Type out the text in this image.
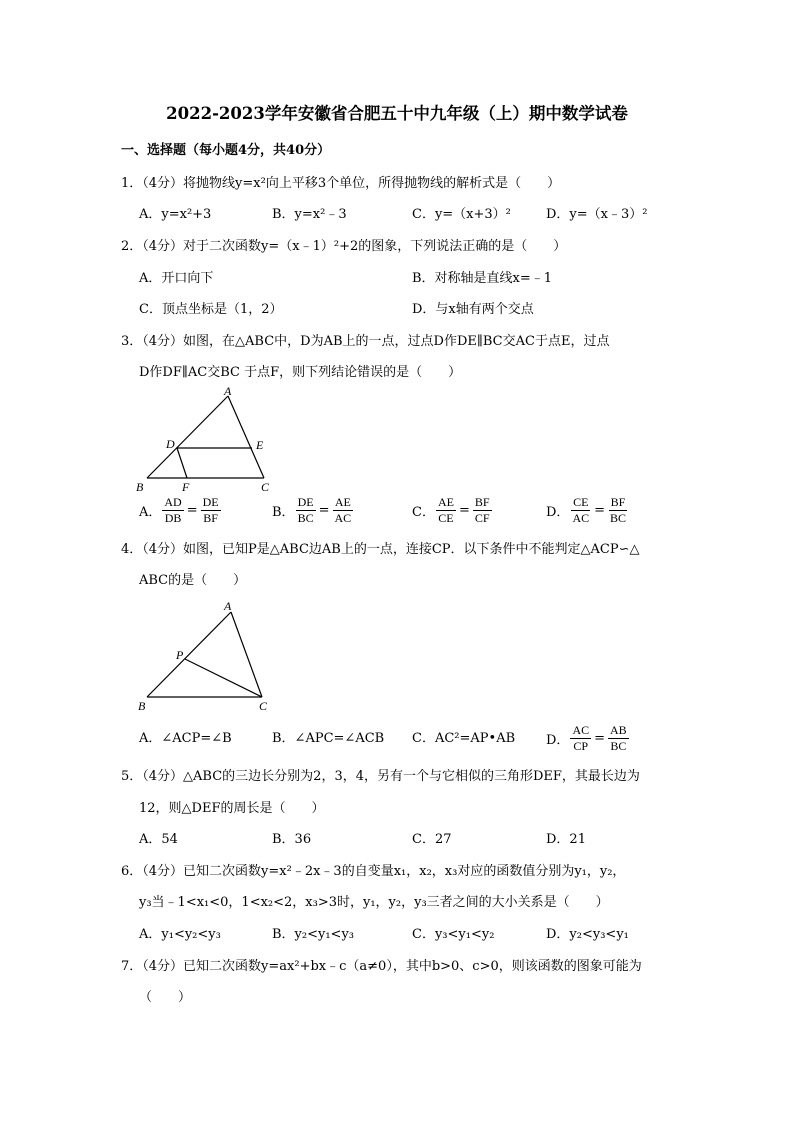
2022-2023学年安徽省合肥五十中九年级（上）期中数学试卷
一、选择题（每小题4分，共40分）
1．（4分）将抛物线y=x²向上平移3个单位，所得抛物线的解析式是（　　）
A．y=x²+3	B．y=x²﹣3	C．y=（x+3）²	D．y=（x﹣3）²
2．（4分）对于二次函数y=（x﹣1）²+2的图象，下列说法正确的是（　　）
A．开口向下	B．对称轴是直线x=﹣1
C．顶点坐标是（1，2）	D．与x轴有两个交点
3．（4分）如图，在△ABC中，D为AB上的一点，过点D作DE∥BC交AC于点E，过点
D作DF∥AC交BC 于点F，则下列结论错误的是（　　）
A
B	C
D	E
F
A． $\frac{AD}{DB} = \frac{DE}{BF}$	B． $\frac{DE}{BC} = \frac{AE}{AC}$	C． $\frac{AE}{CE} = \frac{BF}{CF}$	D． $\frac{CE}{AC} = \frac{BF}{BC}$
4．（4分）如图，已知P是△ABC边AB上的一点，连接CP．以下条件中不能判定△ACP∽△
ABC的是（　　）
A
B	C
P
A．∠ACP=∠B	B．∠APC=∠ACB C．AC²=AP•AB D． $\frac{AC}{CP} = \frac{AB}{BC}$
5．（4分）△ABC的三边长分别为2，3，4，另有一个与它相似的三角形DEF，其最长边为
12，则△DEF的周长是（　　）
A．54	B．36	C．27	D．21
6．（4分）已知二次函数y=x²﹣2x﹣3的自变量x₁，x₂，x₃对应的函数值分别为y₁，y₂，
y₃当﹣1<x₁<0，1<x₂<2，x₃>3时，y₁，y₂，y₃三者之间的大小关系是（　　）
A．y₁<y₂<y₃	B．y₂<y₁<y₃	C．y₃<y₁<y₂	D．y₂<y₃<y₁
7．（4分）已知二次函数y=ax²+bx﹣c（a≠0），其中b>0、c>0，则该函数的图象可能为
（　　）
